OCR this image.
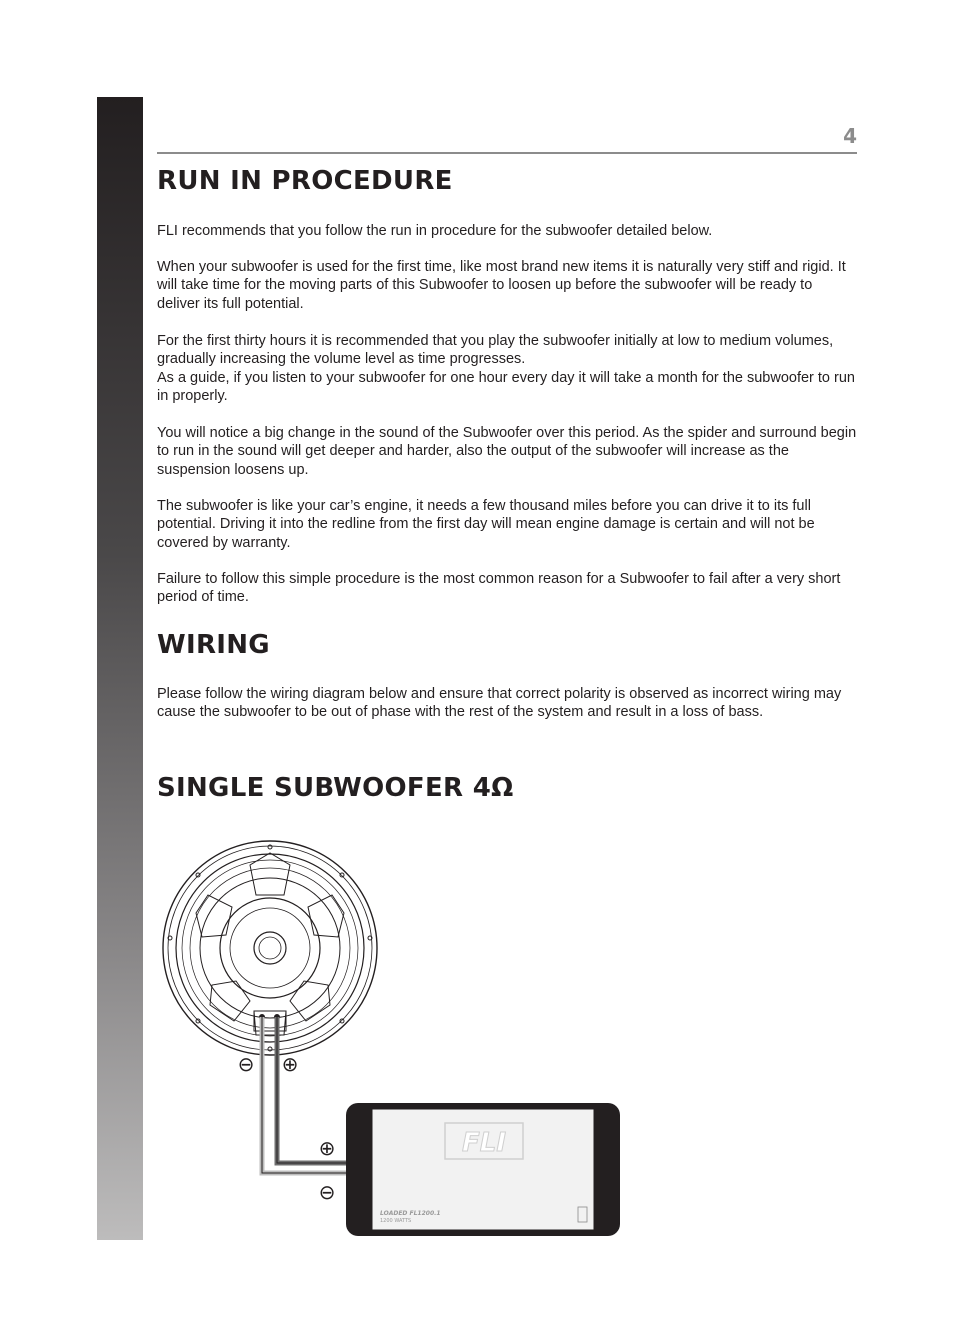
4
RUN IN PROCEDURE

FLI recommends that you follow the run in procedure for the subwoofer detailed below.

When your subwoofer is used for the first time, like most brand new items it is naturally very stiff and rigid. It will take time for the moving parts of this Subwoofer to loosen up before the subwoofer will be ready to deliver its full potential.

For the first thirty hours it is recommended that you play the subwoofer initially at low to medium volumes, gradually increasing the volume level as time progresses.

As a guide, if you listen to your subwoofer for one hour every day it will take a month for the subwoofer to run in properly.

You will notice a big change in the sound of the Subwoofer over this period. As the spider and surround begin to run in the sound will get deeper and harder, also the output of the subwoofer will increase as the suspension loosens up.

The subwoofer is like your car’s engine, it needs a few thousand miles before you can drive it to its full potential. Driving it into the redline from the first day will mean engine damage is certain and will not be covered by warranty.

Failure to follow this simple procedure is the most common reason for a Subwoofer to fail after a very short period of time.

WIRING

Please follow the wiring diagram below and ensure that correct polarity is observed as incorrect wiring may cause the subwoofer to be out of phase with the rest of the system and result in a loss of bass.

SINGLE SUBWOOFER 4Ω
⊖ ⊕
FLI
LOADED FL1200.1
1200 WATTS
⊕
⊖
